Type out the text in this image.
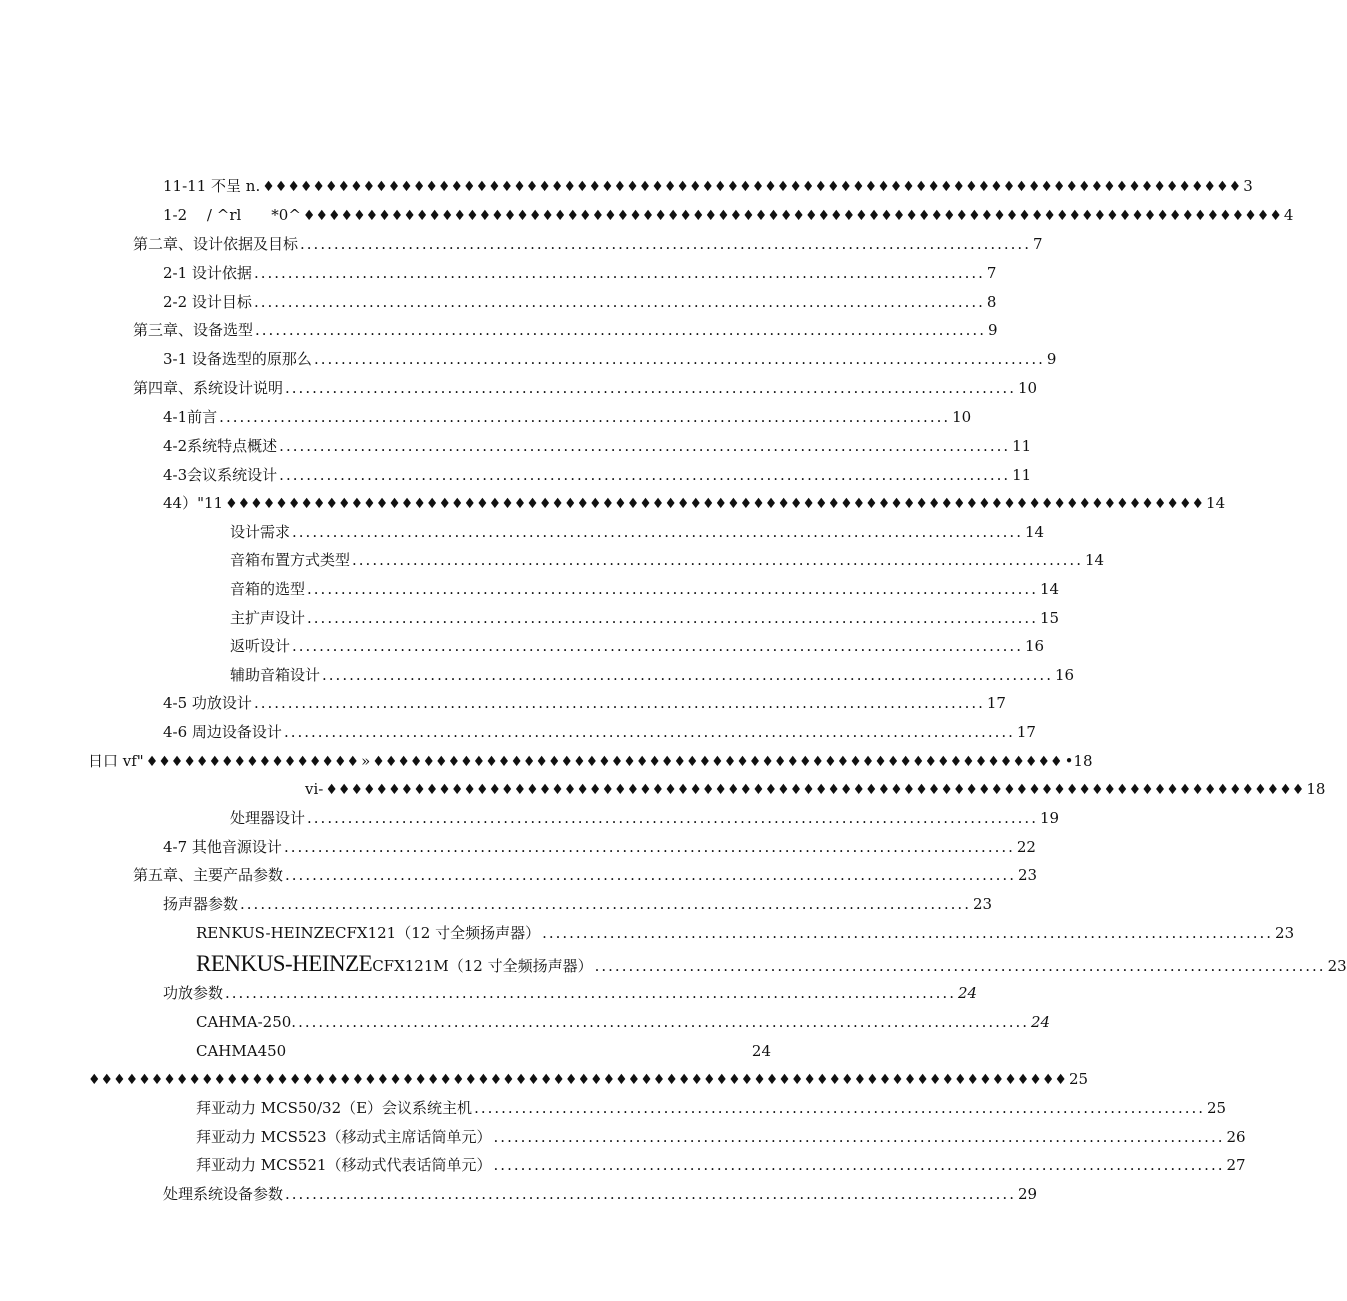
11-11 不呈 n. ♦♦♦♦♦♦♦♦♦♦♦♦♦♦♦♦♦♦♦♦♦♦♦♦♦♦♦♦♦♦♦♦♦♦♦♦♦♦♦♦♦♦♦♦♦♦♦♦♦♦♦♦♦♦♦♦♦♦♦♦♦♦♦♦♦♦♦♦♦♦♦♦♦♦♦♦♦♦ 3
1-2　 / ^rl　　*0^ ♦♦♦♦♦♦♦♦♦♦♦♦♦♦♦♦♦♦♦♦♦♦♦♦♦♦♦♦♦♦♦♦♦♦♦♦♦♦♦♦♦♦♦♦♦♦♦♦♦♦♦♦♦♦♦♦♦♦♦♦♦♦♦♦♦♦♦♦♦♦♦♦♦♦♦♦♦♦ 4
第二章、设计依据及目标 ............................................................................................................ 7
2-1 设计依据 ............................................................................................................ 7
2-2 设计目标 ............................................................................................................ 8
第三章、设备选型 ............................................................................................................ 9
3-1 设备选型的原那么 ............................................................................................................ 9
第四章、系统设计说明 ............................................................................................................ 10
4-1 前言 ............................................................................................................ 10
4-2 系统特点概述 ............................................................................................................ 11
4-3 会议系统设计 ............................................................................................................ 11
44）"11 ♦♦♦♦♦♦♦♦♦♦♦♦♦♦♦♦♦♦♦♦♦♦♦♦♦♦♦♦♦♦♦♦♦♦♦♦♦♦♦♦♦♦♦♦♦♦♦♦♦♦♦♦♦♦♦♦♦♦♦♦♦♦♦♦♦♦♦♦♦♦♦♦♦♦♦♦♦♦ 14
设计需求 ............................................................................................................ 14
音箱布置方式类型 ............................................................................................................ 14
音箱的选型 ............................................................................................................ 14
主扩声设计 ............................................................................................................ 15
返听设计 ............................................................................................................ 16
辅助音箱设计 ............................................................................................................ 16
4-5 功放设计 ............................................................................................................ 17
4-6 周边设备设计 ............................................................................................................ 17
日口 vf" ♦♦♦♦♦♦♦♦♦♦♦♦♦♦♦♦♦ » ♦♦♦♦♦♦♦♦♦♦♦♦♦♦♦♦♦♦♦♦♦♦♦♦♦♦♦♦♦♦♦♦♦♦♦♦♦♦♦♦♦♦♦♦♦♦♦♦♦♦♦♦♦♦♦ •18
vi- ♦♦♦♦♦♦♦♦♦♦♦♦♦♦♦♦♦♦♦♦♦♦♦♦♦♦♦♦♦♦♦♦♦♦♦♦♦♦♦♦♦♦♦♦♦♦♦♦♦♦♦♦♦♦♦♦♦♦♦♦♦♦♦♦♦♦♦♦♦♦♦♦♦♦♦♦♦♦ 18
处理器设计 ............................................................................................................ 19
4-7 其他音源设计 ............................................................................................................ 22
第五章、主要产品参数 ............................................................................................................ 23
扬声器参数 ............................................................................................................ 23
RENKUS-HEINZECFX121 （12 寸全频扬声器） ............................................................................................................ 23
RENKUS-HEINZE CFX121M（12 寸全频扬声器） ............................................................................................................ 23
功放参数 ............................................................................................................ 24
CAHMA-250. ............................................................................................................ 24
CAHMA450	24
♦♦♦♦♦♦♦♦♦♦♦♦♦♦♦♦♦♦♦♦♦♦♦♦♦♦♦♦♦♦♦♦♦♦♦♦♦♦♦♦♦♦♦♦♦♦♦♦♦♦♦♦♦♦♦♦♦♦♦♦♦♦♦♦♦♦♦♦♦♦♦♦♦♦♦♦♦♦ 25
拜亚动力 MCS50/32（E）会议系统主机 ............................................................................................................ 25
拜亚动力 MCS523 （移动式主席话筒单元） ............................................................................................................ 26
拜亚动力 MCS521 （移动式代表话筒单元） ............................................................................................................ 27
处理系统设备参数 ............................................................................................................ 29
